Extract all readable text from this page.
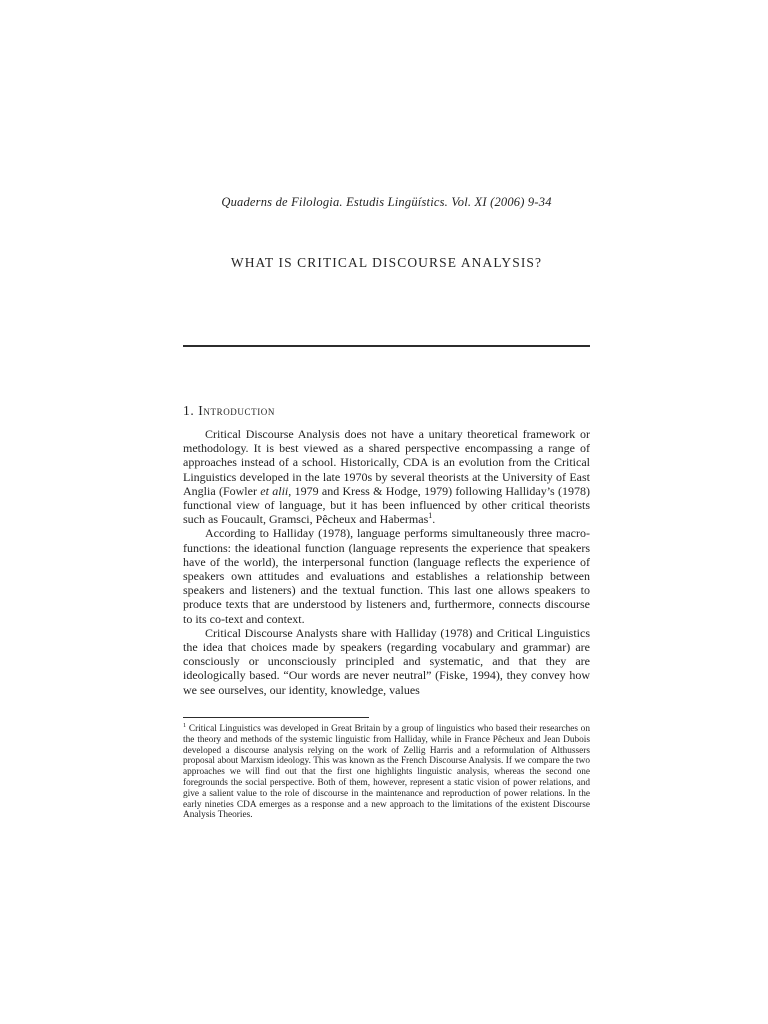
Quaderns de Filologia. Estudis Lingüístics. Vol. XI (2006) 9-34
WHAT IS CRITICAL DISCOURSE ANALYSIS?
1. Introduction

Critical Discourse Analysis does not have a unitary theoretical framework or methodology. It is best viewed as a shared perspective encompassing a range of approaches instead of a school. Historically, CDA is an evolution from the Critical Linguistics developed in the late 1970s by several theorists at the University of East Anglia (Fowler et alii, 1979 and Kress & Hodge, 1979) following Halliday’s (1978) functional view of language, but it has been influenced by other critical theorists such as Foucault, Gramsci, Pêcheux and Habermas$^1$.

According to Halliday (1978), language performs simultaneously three macro-functions: the ideational function (language represents the experience that speakers have of the world), the interpersonal function (language reflects the experience of speakers own attitudes and evaluations and establishes a relationship between speakers and listeners) and the textual function. This last one allows speakers to produce texts that are understood by listeners and, furthermore, connects discourse to its co-text and context.

Critical Discourse Analysts share with Halliday (1978) and Critical Linguistics the idea that choices made by speakers (regarding vocabulary and grammar) are consciously or unconsciously principled and systematic, and that they are ideologically based. “Our words are never neutral” (Fiske, 1994), they convey how we see ourselves, our identity, knowledge, values

$^1$ Critical Linguistics was developed in Great Britain by a group of linguistics who based their researches on the theory and methods of the systemic linguistic from Halliday, while in France Pêcheux and Jean Dubois developed a discourse analysis relying on the work of Zellig Harris and a reformulation of Althussers proposal about Marxism ideology. This was known as the French Discourse Analysis. If we compare the two approaches we will find out that the first one highlights linguistic analysis, whereas the second one foregrounds the social perspective. Both of them, however, represent a static vision of power relations, and give a salient value to the role of discourse in the maintenance and reproduction of power relations. In the early nineties CDA emerges as a response and a new approach to the limitations of the existent Discourse Analysis Theories.
